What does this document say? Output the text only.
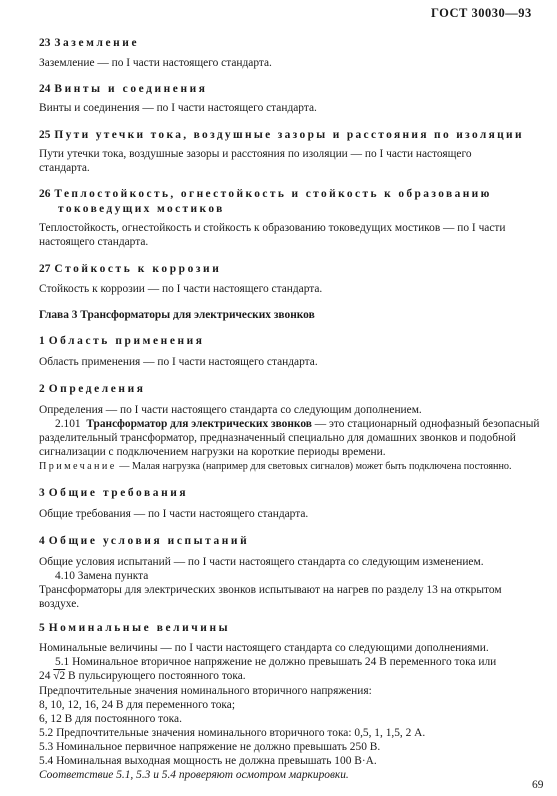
ГОСТ 30030—93
23 Заземление
Заземление — по I части настоящего стандарта.
24 Винты и соединения
Винты и соединения — по I части настоящего стандарта.
25 Пути утечки тока, воздушные зазоры и расстояния по изоляции
Пути утечки тока, воздушные зазоры и расстояния по изоляции — по I части настоящего
стандарта.
26 Теплостойкость, огнестойкость и стойкость к образованию
токоведущих мостиков
Теплостойкость, огнестойкость и стойкость к образованию токоведущих мостиков — по I части
настоящего стандарта.
27 Стойкость к коррозии
Стойкость к коррозии — по I части настоящего стандарта.
Глава 3 Трансформаторы для электрических звонков
1 Область применения
Область применения — по I части настоящего стандарта.
2 Определения
Определения — по I части настоящего стандарта со следующим дополнением.
2.101 Трансформатор для электрических звонков — это стационарный однофазный безопасный
разделительный трансформатор, предназначенный специально для домашних звонков и подобной
сигнализации с подключением нагрузки на короткие периоды времени.
Примечание — Малая нагрузка (например для световых сигналов) может быть подключена постоянно.
3 Общие требования
Общие требования — по I части настоящего стандарта.
4 Общие условия испытаний
Общие условия испытаний — по I части настоящего стандарта со следующим изменением.
4.10 Замена пункта
Трансформаторы для электрических звонков испытывают на нагрев по разделу 13 на открытом
воздухе.
5 Номинальные величины
Номинальные величины — по I части настоящего стандарта со следующими дополнениями.
5.1 Номинальное вторичное напряжение не должно превышать 24 В переменного тока или
24 √2 В пульсирующего постоянного тока.
Предпочтительные значения номинального вторичного напряжения:
8, 10, 12, 16, 24 В для переменного тока;
6, 12 В для постоянного тока.
5.2 Предпочтительные значения номинального вторичного тока: 0,5, 1, 1,5, 2 А.
5.3 Номинальное первичное напряжение не должно превышать 250 В.
5.4 Номинальная выходная мощность не должна превышать 100 В·А.
Соответствие 5.1, 5.3 и 5.4 проверяют осмотром маркировки.
69
